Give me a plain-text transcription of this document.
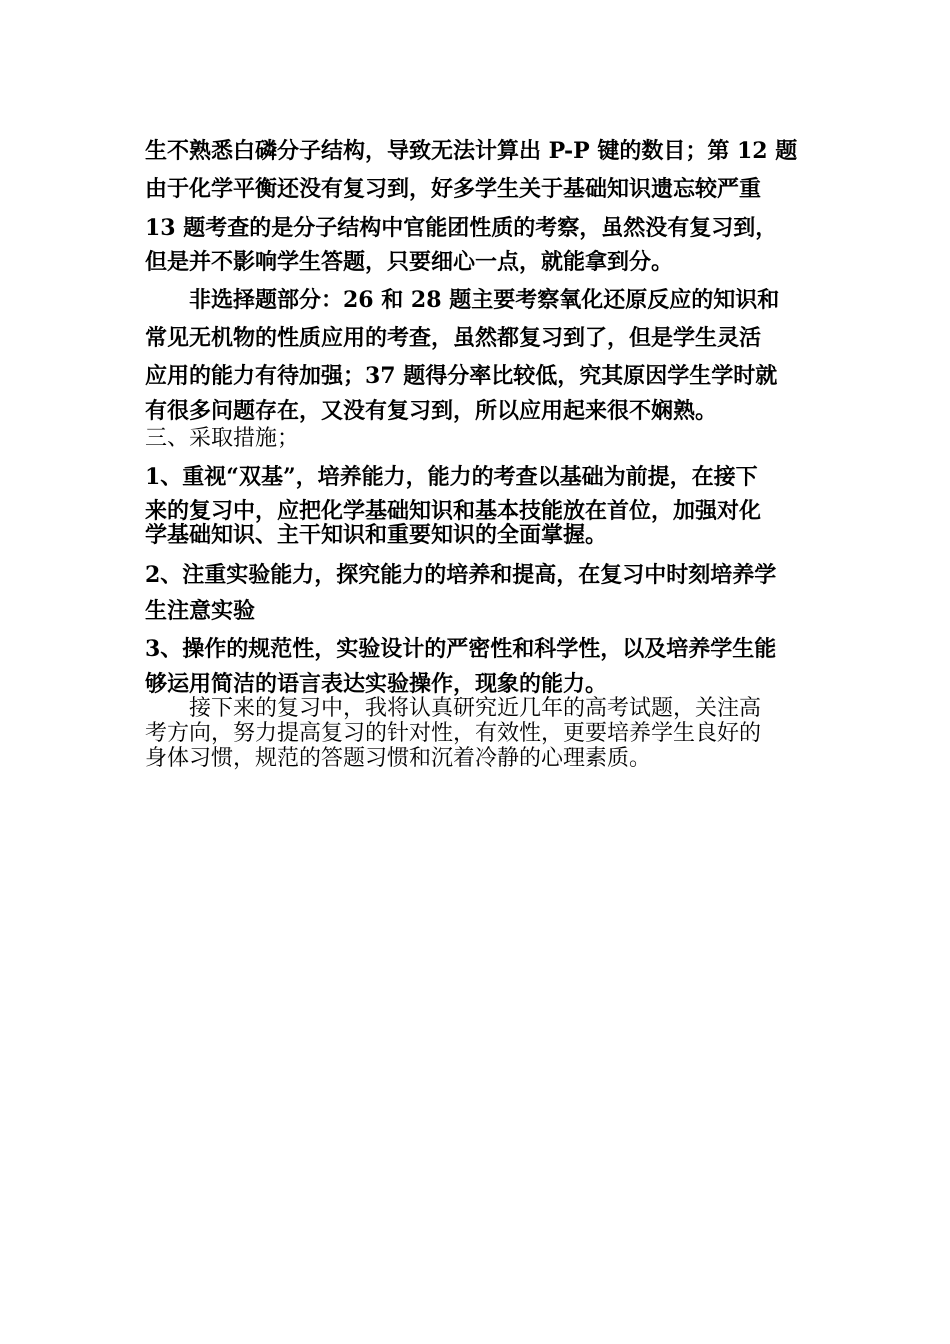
生不熟悉白磷分子结构，导致无法计算出 P-P 键的数目；第 12 题
由于化学平衡还没有复习到，好多学生关于基础知识遗忘较严重
13 题考查的是分子结构中官能团性质的考察，虽然没有复习到，
但是并不影响学生答题，只要细心一点，就能拿到分。
非选择题部分：26 和 28 题主要考察氧化还原反应的知识和
常见无机物的性质应用的考查，虽然都复习到了，但是学生灵活
应用的能力有待加强；37 题得分率比较低，究其原因学生学时就
有很多问题存在，又没有复习到，所以应用起来很不娴熟。
三、采取措施；
1、重视“双基”，培养能力，能力的考查以基础为前提，在接下
来的复习中，应把化学基础知识和基本技能放在首位，加强对化
学基础知识、主干知识和重要知识的全面掌握。
2、注重实验能力，探究能力的培养和提高，在复习中时刻培养学
生注意实验
3、操作的规范性，实验设计的严密性和科学性，以及培养学生能
够运用简洁的语言表达实验操作，现象的能力。
接下来的复习中，我将认真研究近几年的高考试题，关注高
考方向，努力提高复习的针对性，有效性，更要培养学生良好的
身体习惯，规范的答题习惯和沉着冷静的心理素质。
